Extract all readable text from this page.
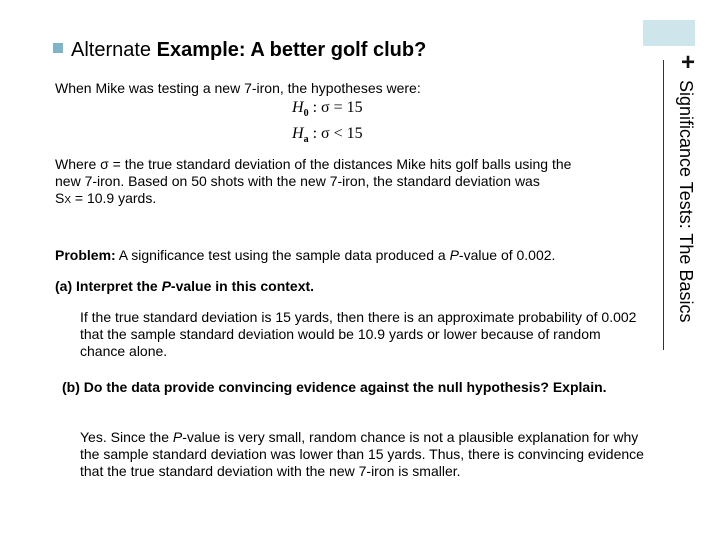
+
Significance Tests: The Basics
Alternate Example: A better golf club?
When Mike was testing a new 7-iron, the hypotheses were:
$H_0$ : σ = 15
$H_a$ : σ < 15
Where σ = the true standard deviation of the distances Mike hits golf balls using the
new 7-iron. Based on 50 shots with the new 7-iron, the standard deviation was
SX = 10.9 yards.
Problem: A significance test using the sample data produced a P-value of 0.002.
(a) Interpret the P-value in this context.
If the true standard deviation is 15 yards, then there is an approximate probability of 0.002 that the sample standard deviation would be 10.9 yards or lower because of random chance alone.
(b) Do the data provide convincing evidence against the null hypothesis? Explain.
Yes. Since the P-value is very small, random chance is not a plausible explanation for why the sample standard deviation was lower than 15 yards. Thus, there is convincing evidence that the true standard deviation with the new 7-iron is smaller.
